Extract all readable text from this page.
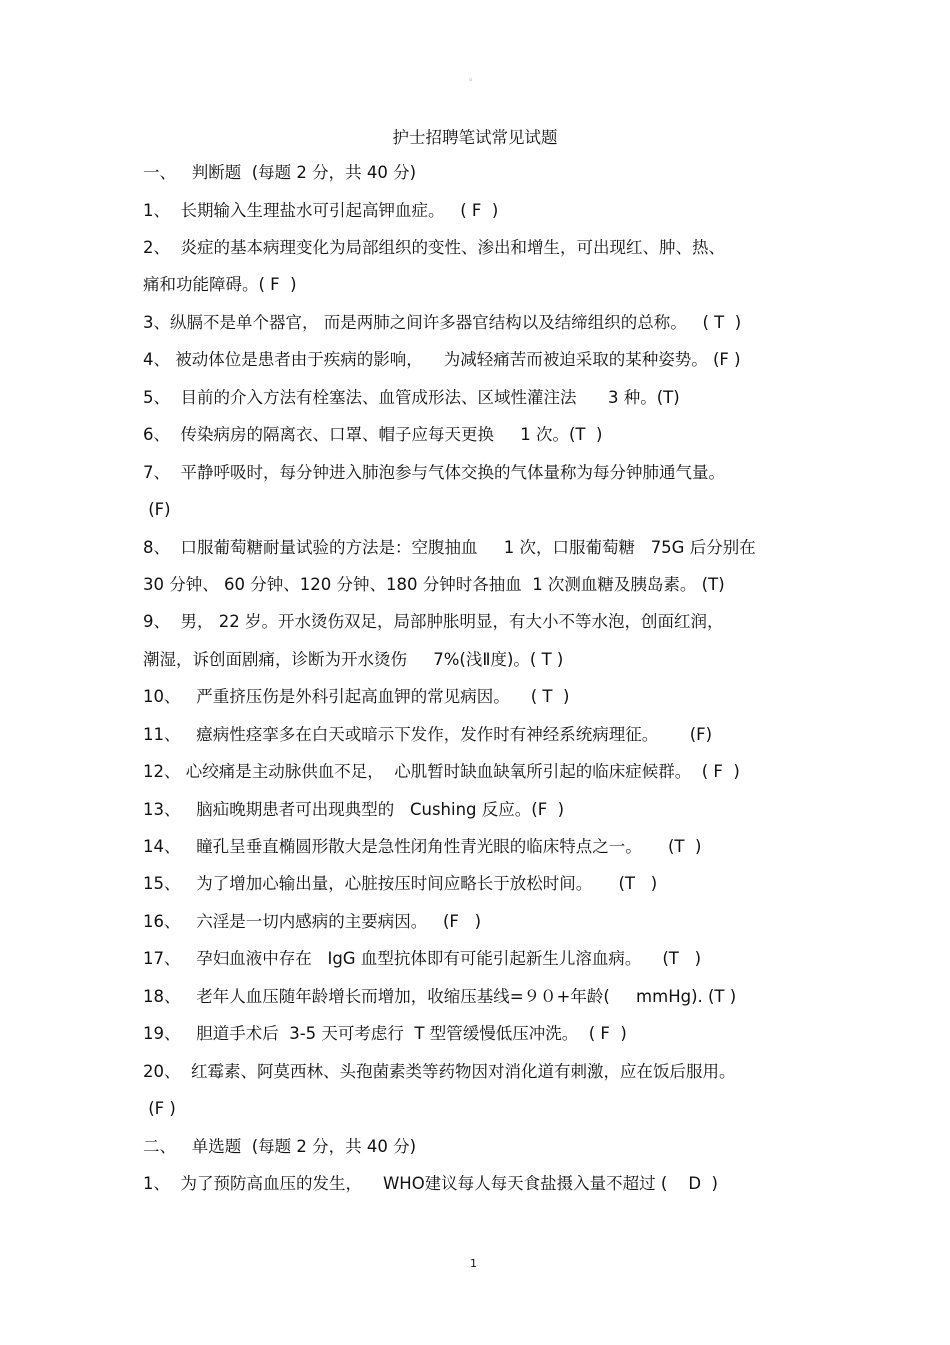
。
护士招聘笔试常见试题
一、   判断题  (每题 2 分，共 40 分)
1、  长期输入生理盐水可引起高钾血症。   ( F  )
2、  炎症的基本病理变化为局部组织的变性、渗出和增生，可出现红、肿、热、
痛和功能障碍。( F  )
3、纵膈不是单个器官， 而是两肺之间许多器官结构以及结缔组织的总称。   ( T  )
4、 被动体位是患者由于疾病的影响，    为减轻痛苦而被迫采取的某种姿势。 (F )
5、  目前的介入方法有栓塞法、血管成形法、区域性灌注法      3 种。(T)
6、  传染病房的隔离衣、口罩、帽子应每天更换     1 次。(T  )
7、  平静呼吸时，每分钟进入肺泡参与气体交换的气体量称为每分钟肺通气量。
(F)
8、  口服葡萄糖耐量试验的方法是：空腹抽血     1 次，口服葡萄糖   75G 后分别在
30 分钟、 60 分钟、120 分钟、180 分钟时各抽血  1 次测血糖及胰岛素。 (T)
9、  男， 22 岁。开水烫伤双足，局部肿胀明显，有大小不等水泡，创面红润，
潮湿，诉创面剧痛，诊断为开水烫伤     7%(浅Ⅱ度)。( T )
10、   严重挤压伤是外科引起高血钾的常见病因。    ( T  )
11、   癔病性痉挛多在白天或暗示下发作，发作时有神经系统病理征。      (F)
12、 心绞痛是主动脉供血不足，  心肌暂时缺血缺氧所引起的临床症候群。  ( F  )
13、   脑疝晚期患者可出现典型的   Cushing 反应。(F  )
14、   瞳孔呈垂直椭圆形散大是急性闭角性青光眼的临床特点之一。     (T  )
15、   为了增加心输出量，心脏按压时间应略长于放松时间。     (T   )
16、   六淫是一切内感病的主要病因。   (F   )
17、   孕妇血液中存在   IgG 血型抗体即有可能引起新生儿溶血病。    (T   )
18、   老年人血压随年龄增长而增加，收缩压基线=９０+年龄(     mmHg). (T )
19、   胆道手术后  3-5 天可考虑行  T 型管缓慢低压冲洗。  ( F  )
20、  红霉素、阿莫西林、头孢菌素类等药物因对消化道有刺激，应在饭后服用。
(F )
二、   单选题  (每题 2 分，共 40 分)
1、  为了预防高血压的发生，    WHO建议每人每天食盐摄入量不超过 (    D  )
1
